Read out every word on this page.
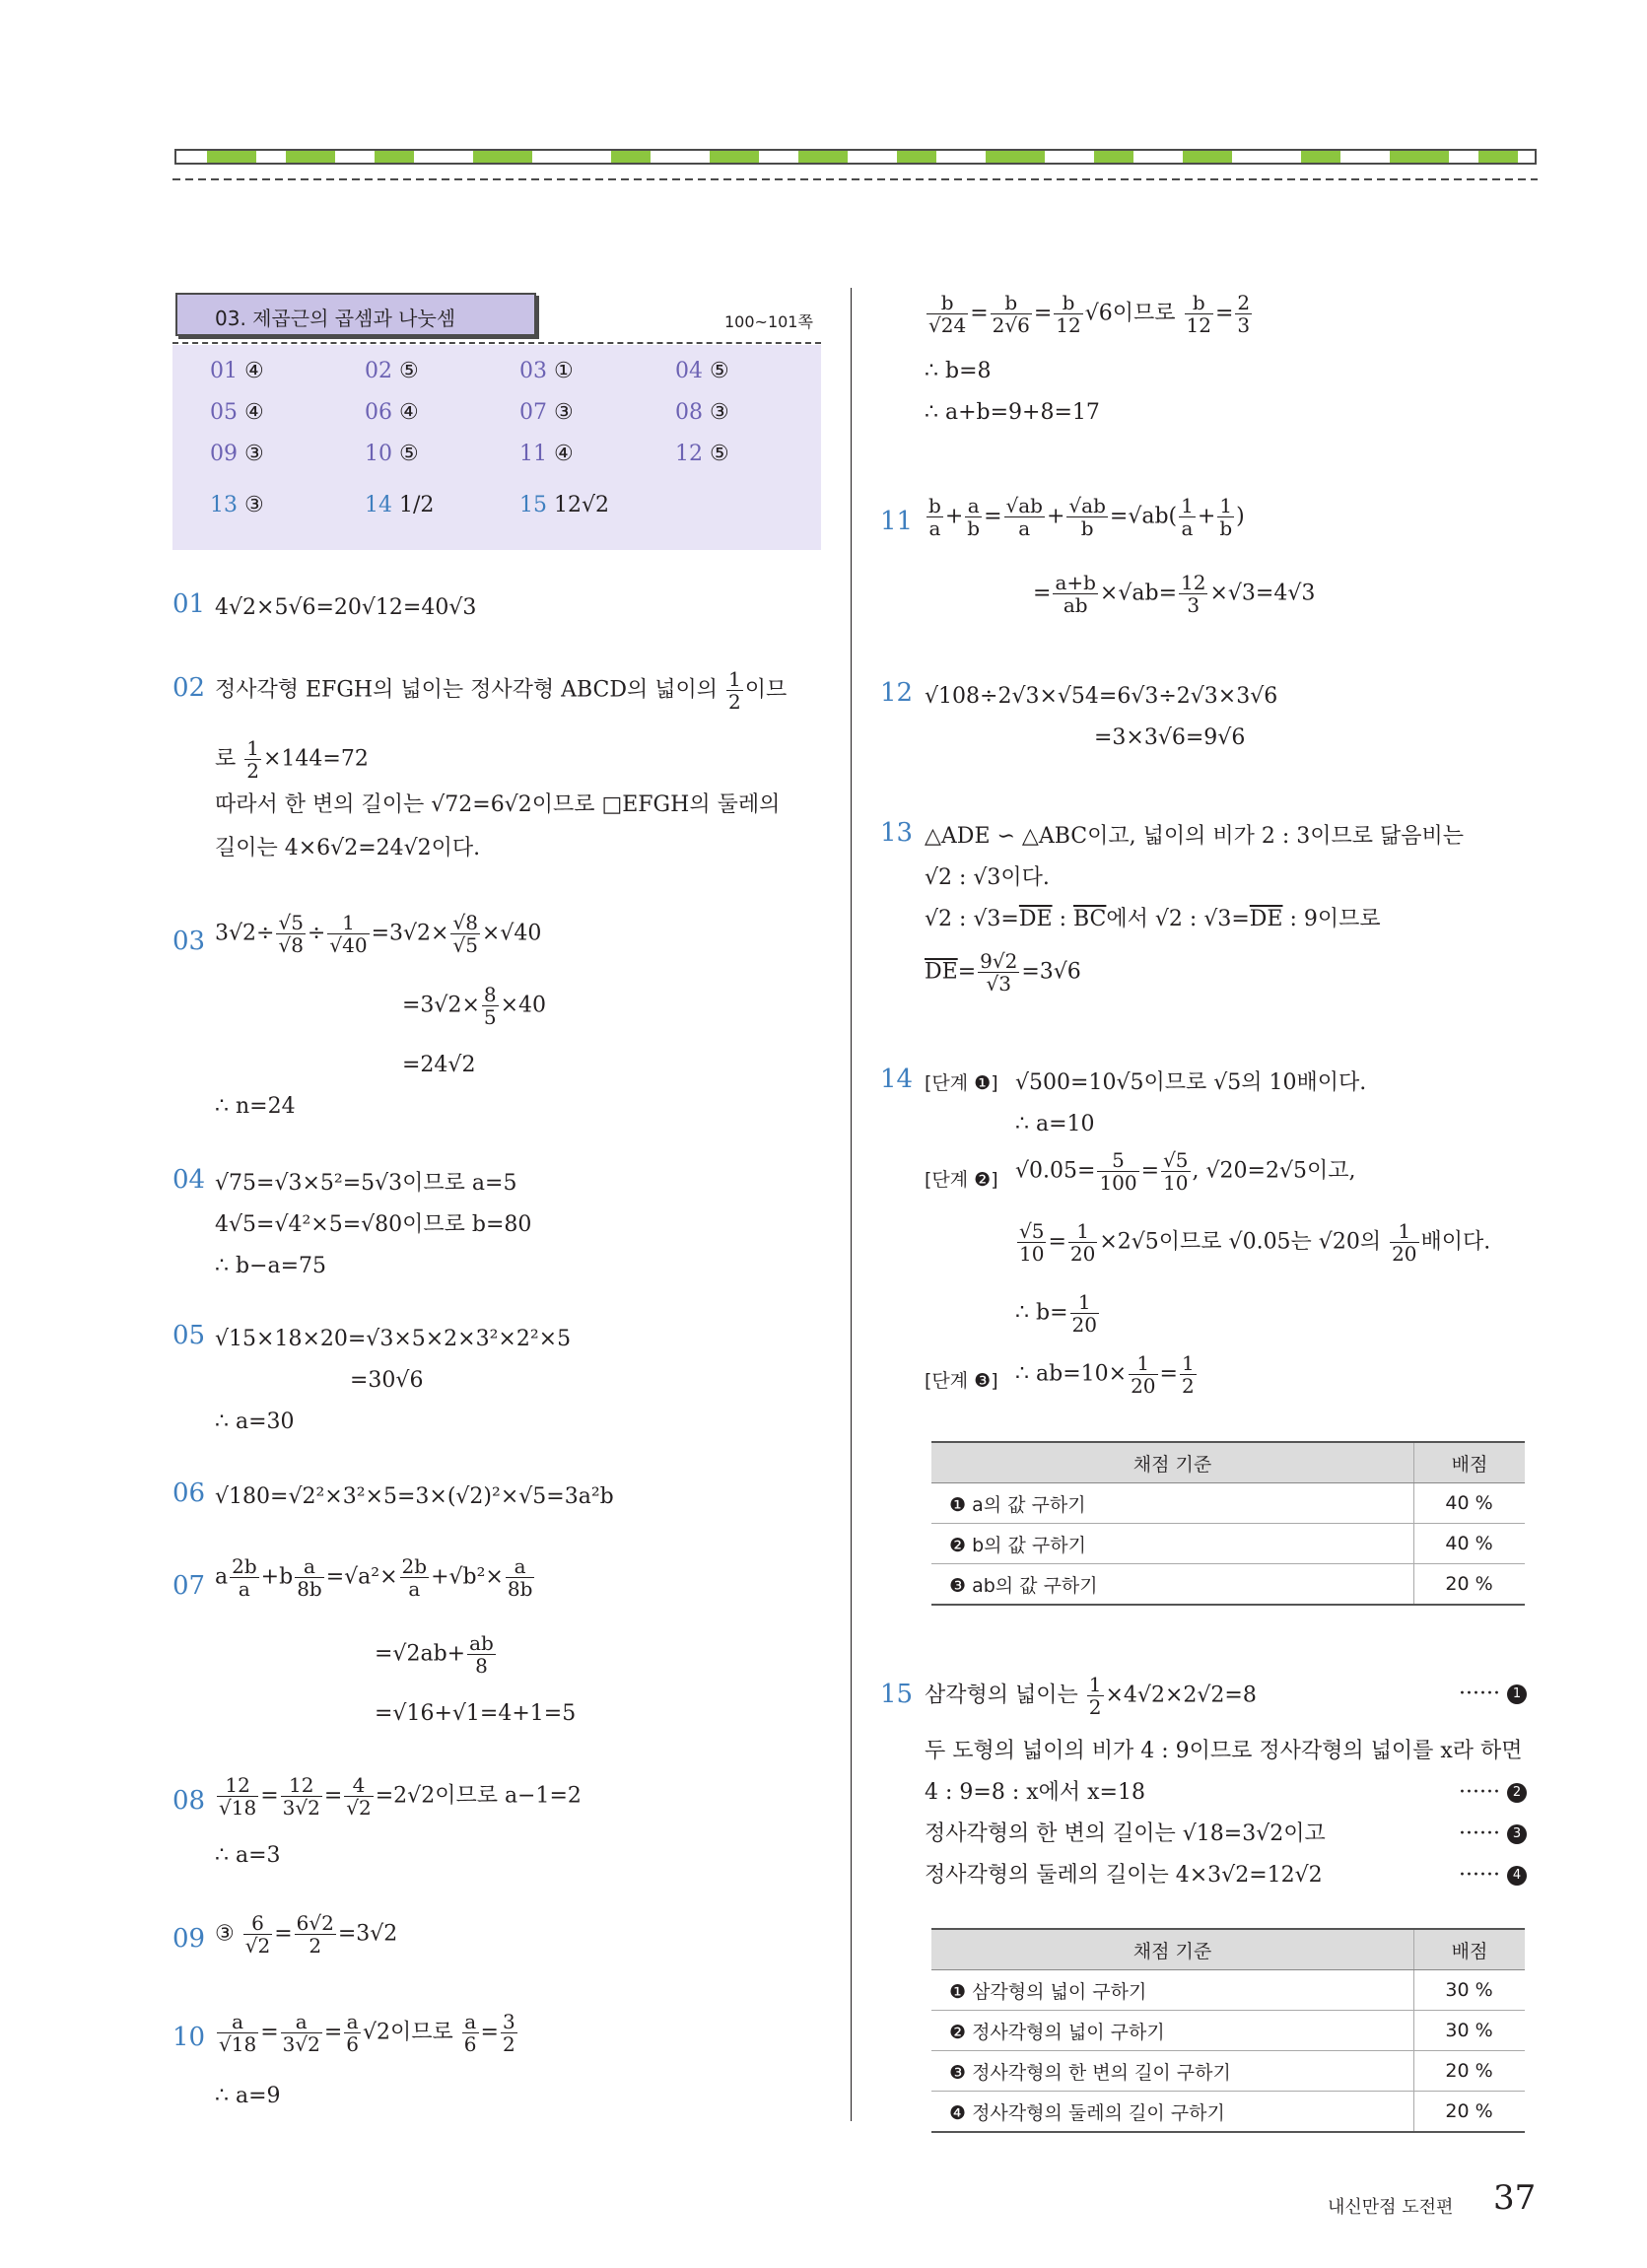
03. 제곱근의 곱셈과 나눗셈	100~101쪽
01 ④	02 ⑤	03 ①	04 ⑤
05 ④	06 ④	07 ③	08 ③
09 ③	10 ⑤	11 ④	12 ⑤
13 ③	14 1/2	15 12√2
01 4√2×5√6=20√12=40√3
02 정사각형 EFGH의 넓이는 정사각형 ABCD의 넓이의 $\frac{1}{2}$ 이므
로 $\frac{1}{2} \times 144=72$
따라서 한 변의 길이는 √72=6√2이므로 □EFGH의 둘레의
길이는 4×6√2=24√2이다.
03 $3√2\div \frac{√5}{√8} \div \frac{1}{√40} =3√2\times \frac{√8}{√5} \times√40$
$=3√2\times \frac{8}{5} \times 40$
=24√2
∴ n=24
04 √75=√3×5²=5√3이므로 a=5
4√5=√4²×5=√80이므로 b=80
∴ b−a=75
05 √15×18×20=√3×5×2×3²×2²×5
=30√6
∴ a=30
06 √180=√2²×3²×5=3×(√2)²×√5=3a²b
07 a $\frac{2b}{a} +b \frac{a}{8b} =√a^2\times \frac{2b}{a} +√b^2\times \frac{a}{8b}$
$=√2ab+ \frac{ab}{8}$
=√16+√1=4+1=5
$08 \frac{12}{√18} = \frac{12}{3√2} = \frac{4}{√2} =2√2$이므로 a−1=2
∴ a=3
09 ③ $\frac{6}{√2} = \frac{6√2}{2} =3√2$
$10 \frac{a}{√18} = \frac{a}{3√2} = \frac{a}{6} √2$이므로 $\frac{a}{6} = \frac{3}{2}$
∴ a=9
$\frac{b}{√24} = \frac{b}{2√6} = \frac{b}{12} √6$이므로 $\frac{b}{12} = \frac{2}{3}$
∴ b=8
∴ a+b=9+8=17
$11 \frac{b}{a} + \frac{a}{b} = \frac{√ab}{a} + \frac{√ab}{b} =√ab( \frac{1}{a} + \frac{1}{b}$ )
= $\frac{a+b}{ab} \times√ab= \frac{12}{3} \times√3=4√3$
12 √108÷2√3×√54=6√3÷2√3×3√6
=3×3√6=9√6
13 △ADE ∽ △ABC이고, 넓이의 비가 2 : 3이므로 닮음비는
√2 : √3이다.
√2 : $√3=\overline{DE}$ : $\overline{BC}$에서 √2 : $√3=\overline{DE}$ : 9이므로
$\overline{DE}= \frac{9√2}{√3} =3√6$
14 [단계 ❶] √500=10√5이므로 √5의 10배이다.
∴ a=10
[단계 ❷] $√0.05= \frac{5}{100} = \frac{√5}{10}$ , √20=2√5이고,
$\frac{√5}{10} = \frac{1}{20} \times 2√5$이므로 √0.05는 √20의 $\frac{1}{20}$ 배이다.
∴ $b= \frac{1}{20}$
[단계 ❸] ∴ $ab=10\times \frac{1}{20} = \frac{1}{2}$
채점 기준	배점
❶ a의 값 구하기	40 %
❷ b의 값 구하기	40 %
❸ ab의 값 구하기	20 %
15 삼각형의 넓이는 $\frac{1}{2} \times 4√2\times 2√2=8$
두 도형의 넓이의 비가 4 : 9이므로 정사각형의 넓이를 x라 하면
4 : 9=8 : x에서 x=18
정사각형의 한 변의 길이는 √18=3√2이고
정사각형의 둘레의 길이는 4×3√2=12√2
······ 1
······ 2
······ 3
······ 4
채점 기준	배점
❶ 삼각형의 넓이 구하기	30 %
❷ 정사각형의 넓이 구하기	30 %
❸ 정사각형의 한 변의 길이 구하기	20 %
❹ 정사각형의 둘레의 길이 구하기	20 %
내신만점 도전편 37
